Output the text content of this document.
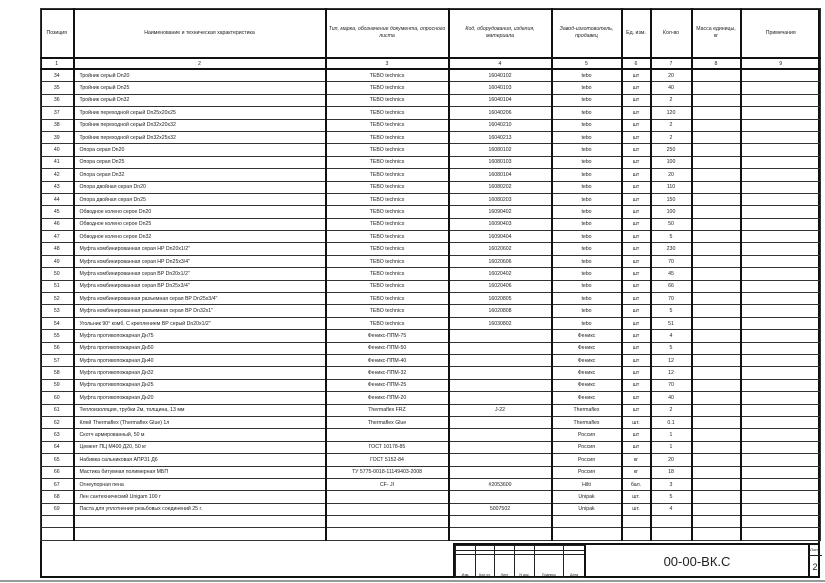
Позиция	Наименование и техническая характеристика	Тип, марка, обозначение документа, опросного листа	Код, оборудования, изделия, материала	Завод-изготовитель, продавец	Ед. изм.	Кол-во	Масса единицы, кг	Примечания
1	2	3	4	5	6	7	8	9
34	Тройник серый Dn20	TEBO technics	16040102	tebo	шт	20		
35	Тройник серый Dn25	TEBO technics	16040103	tebo	шт	40		
36	Тройник серый Dn32	TEBO technics	16040104	tebo	шт	2		
37	Тройник переходной серый Dn25x20x25	TEBO technics	16040206	tebo	шт	120		
38	Тройник переходной серый Dn32x20x32	TEBO technics	16040210	tebo	шт	2		
39	Тройник переходной серый Dn32x25x32	TEBO technics	16040213	tebo	шт	2		
40	Опора серая Dn20	TEBO technics	16080102	tebo	шт	250		
41	Опора серая Dn25	TEBO technics	16080103	tebo	шт	100		
42	Опора серая Dn32	TEBO technics	16080104	tebo	шт	20		
43	Опора двойная серая Dn20	TEBO technics	16080202	tebo	шт	110		
44	Опора двойная серая Dn25	TEBO technics	16080203	tebo	шт	150		
45	Обводное колено серое Dn20	TEBO technics	16090402	tebo	шт	100		
46	Обводное колено серое Dn25	TEBO technics	16090403	tebo	шт	50		
47	Обводное колено серое Dn32	TEBO technics	16090404	tebo	шт	5		
48	Муфта комбинированная серая НР Dn20x1/2"	TEBO technics	16020602	tebo	шт	230		
49	Муфта комбинированная серая НР Dn25x3/4"	TEBO technics	16020606	tebo	шт	70		
50	Муфта комбинированная серая ВР Dn20x1/2"	TEBO technics	16020402	tebo	шт	45		
51	Муфта комбинированная серая ВР Dn25x3/4"	TEBO technics	16020406	tebo	шт	66		
52	Муфта комбинированная разъемная серая ВР Dn25x3/4"	TEBO technics	16020805	tebo	шт	70		
53	Муфта комбинированная разъемная серая ВР Dn32x1"	TEBO technics	16020808	tebo	шт	5		
54	Угольник 90° комб. С креплением ВР серый Dn20x1/2"	TEBO technics	16030802	tebo	шт	51		
55	Муфта противопожарная Дн75	Феникс-ППМ-75		Феникс	шт	4		
56	Муфта противопожарная Дн50	Феникс-ППМ-50		Феникс	шт	5		
57	Муфта противопожарная Дн40	Феникс-ППМ-40		Феникс	шт	12		
58	Муфта противопожарная Дн32	Феникс-ППМ-32		Феникс	шт	12		
59	Муфта противопожарная Дн25	Феникс-ППМ-25		Феникс	шт	70		
60	Муфта противопожарная Дн20	Феникс-ППМ-20		Феникс	шт	40		
61	Теплоизоляция, трубки 2м, толщина, 13 мм	Thermaflex FRZ	J-22	Thermaflex	шт	2		
62	Клей Thermaflex (Thermaflex Glue) 1л	Thermaflex Glue		Thermaflex	шт.	0.1		
63	Скотч армированный, 50 м			Россия	шт	1		
64	Цемент ПЦ М400 Д20, 50 кг	ГОСТ 10178-85		Россия	шт	1		
65	Набивка сальниковая АПР31 Д6	ГОСТ 5152-84		Россия	кг	20		
66	Мастика битумная полимерная МБП	ТУ 5775-0018-11149403-2008		Россия	кг	18		
67	Огнеупорная пена	CF- JI	#2053600	Hilti	бал.	3		
68	Лен сантехнический Unigam 100 г			Unipak	шт.	5		
69	Паста для уплотнения резьбовых соединений 25 г.		5007502	Unipak	шт.	4		

Изм.	Кол.уч.	Лист	N док.	Подпись	Дата
00-00-ВК.С
Лист
2
